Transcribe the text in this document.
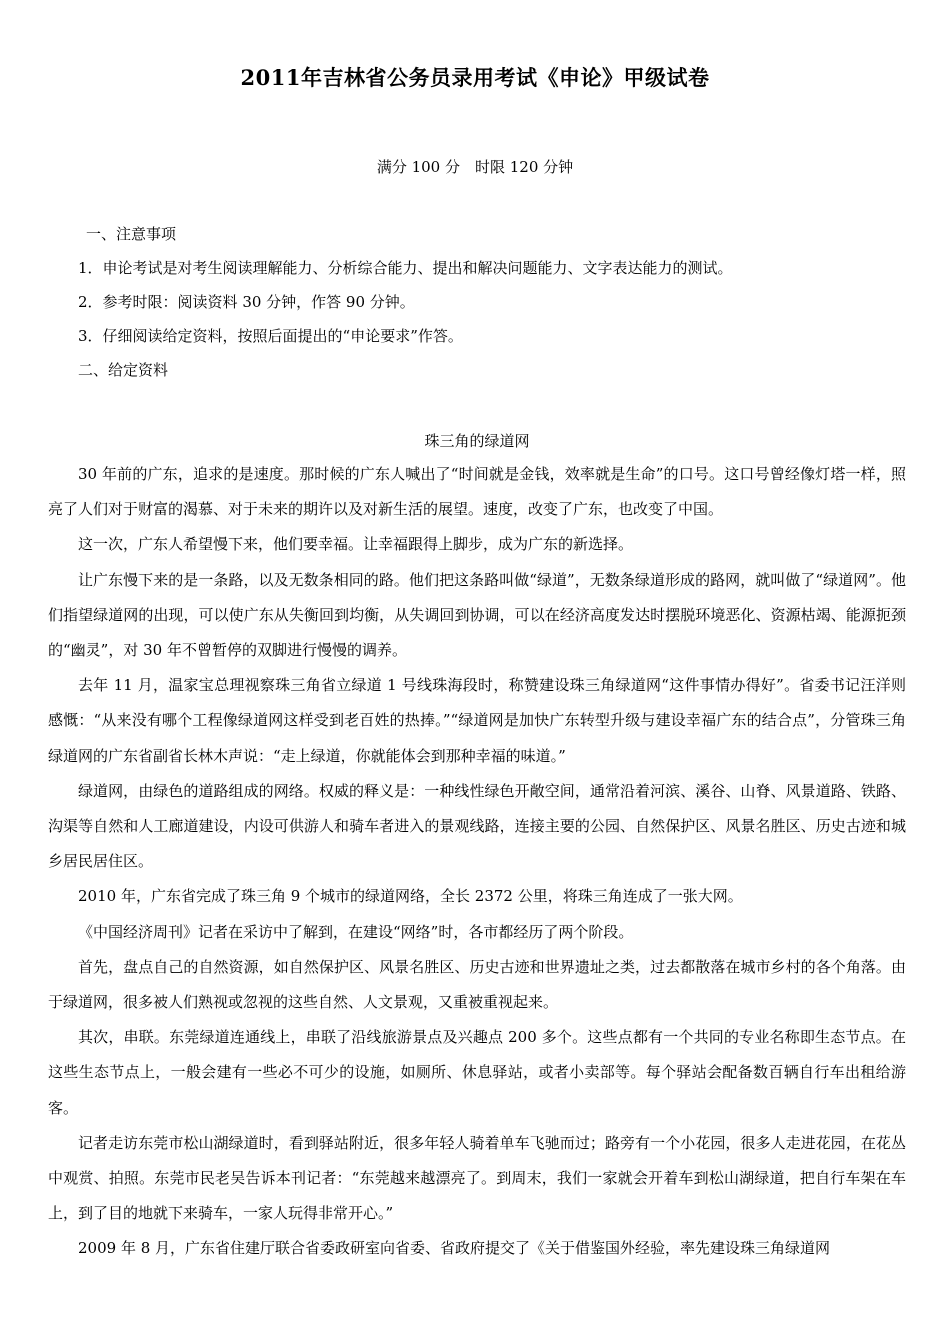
2011年吉林省公务员录用考试《申论》甲级试卷
满分 100 分　时限 120 分钟
一、注意事项
1．申论考试是对考生阅读理解能力、分析综合能力、提出和解决问题能力、文字表达能力的测试。
2．参考时限：阅读资料 30 分钟，作答 90 分钟。
3．仔细阅读给定资料，按照后面提出的“申论要求”作答。
二、给定资料
珠三角的绿道网

30 年前的广东，追求的是速度。那时候的广东人喊出了“时间就是金钱，效率就是生命”的口号。这口号曾经像灯塔一样，照亮了人们对于财富的渴慕、对于未来的期许以及对新生活的展望。速度，改变了广东，也改变了中国。

这一次，广东人希望慢下来，他们要幸福。让幸福跟得上脚步，成为广东的新选择。

让广东慢下来的是一条路，以及无数条相同的路。他们把这条路叫做“绿道”，无数条绿道形成的路网，就叫做了“绿道网”。他们指望绿道网的出现，可以使广东从失衡回到均衡，从失调回到协调，可以在经济高度发达时摆脱环境恶化、资源枯竭、能源扼颈的“幽灵”，对 30 年不曾暂停的双脚进行慢慢的调养。

去年 11 月，温家宝总理视察珠三角省立绿道 1 号线珠海段时，称赞建设珠三角绿道网“这件事情办得好”。省委书记汪洋则感慨：“从来没有哪个工程像绿道网这样受到老百姓的热捧。”“绿道网是加快广东转型升级与建设幸福广东的结合点”，分管珠三角绿道网的广东省副省长林木声说：“走上绿道，你就能体会到那种幸福的味道。”

绿道网，由绿色的道路组成的网络。权威的释义是：一种线性绿色开敞空间，通常沿着河滨、溪谷、山脊、风景道路、铁路、沟渠等自然和人工廊道建设，内设可供游人和骑车者进入的景观线路，连接主要的公园、自然保护区、风景名胜区、历史古迹和城乡居民居住区。

2010 年，广东省完成了珠三角 9 个城市的绿道网络，全长 2372 公里，将珠三角连成了一张大网。

《中国经济周刊》记者在采访中了解到，在建设“网络”时，各市都经历了两个阶段。

首先，盘点自己的自然资源，如自然保护区、风景名胜区、历史古迹和世界遗址之类，过去都散落在城市乡村的各个角落。由于绿道网，很多被人们熟视或忽视的这些自然、人文景观，又重被重视起来。

其次，串联。东莞绿道连通线上，串联了沿线旅游景点及兴趣点 200 多个。这些点都有一个共同的专业名称即生态节点。在这些生态节点上，一般会建有一些必不可少的设施，如厕所、休息驿站，或者小卖部等。每个驿站会配备数百辆自行车出租给游客。

记者走访东莞市松山湖绿道时，看到驿站附近，很多年轻人骑着单车飞驰而过；路旁有一个小花园，很多人走进花园，在花丛中观赏、拍照。东莞市民老吴告诉本刊记者：“东莞越来越漂亮了。到周末，我们一家就会开着车到松山湖绿道，把自行车架在车上，到了目的地就下来骑车，一家人玩得非常开心。”

2009 年 8 月，广东省住建厅联合省委政研室向省委、省政府提交了《关于借鉴国外经验，率先建设珠三角绿道网
